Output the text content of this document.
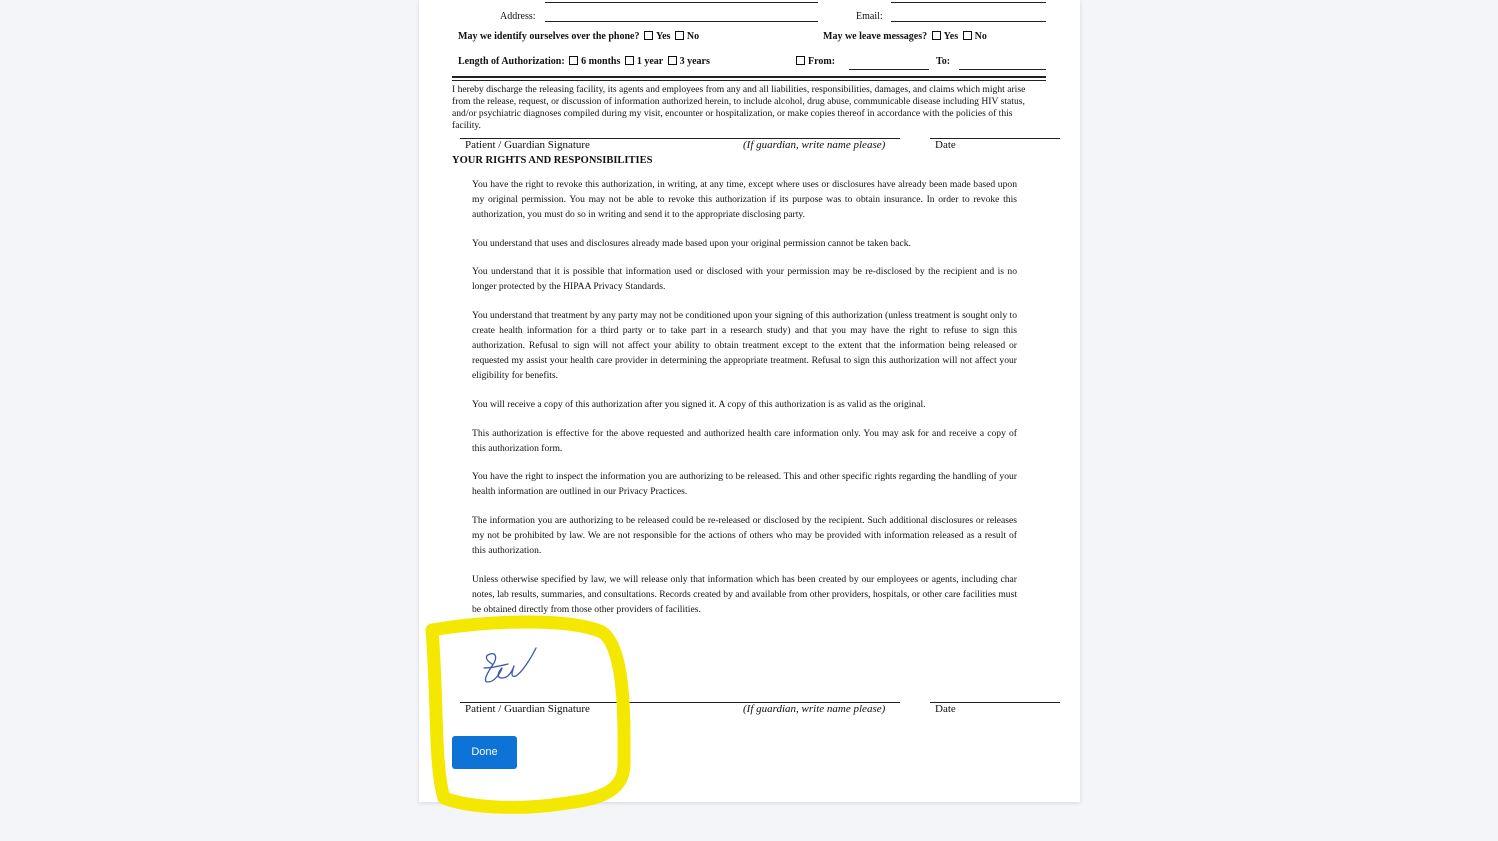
Address:	Email:
May we identify ourselves over the phone? Yes No	May we leave messages? Yes No
Length of Authorization: 6 months 1 year 3 years	From:	To:
I hereby discharge the releasing facility, its agents and employees from any and all liabilities, responsibilities, damages, and claims which might arise from the release, request, or discussion of information authorized herein, to include alcohol, drug abuse, communicable disease including HIV status, and/or psychiatric diagnoses compiled during my visit, encounter or hospitalization, or make copies thereof in accordance with the policies of this facility.
Patient / Guardian Signature	(If guardian, write name please)	Date
YOUR RIGHTS AND RESPONSIBILITIES
You have the right to revoke this authorization, in writing, at any time, except where uses or disclosures have already been made based upon my original permission. You may not be able to revoke this authorization if its purpose was to obtain insurance. In order to revoke this authorization, you must do so in writing and send it to the appropriate disclosing party.
You understand that uses and disclosures already made based upon your original permission cannot be taken back.
You understand that it is possible that information used or disclosed with your permission may be re-disclosed by the recipient and is no longer protected by the HIPAA Privacy Standards.
You understand that treatment by any party may not be conditioned upon your signing of this authorization (unless treatment is sought only to create health information for a third party or to take part in a research study) and that you may have the right to refuse to sign this authorization. Refusal to sign will not affect your ability to obtain treatment except to the extent that the information being released or requested my assist your health care provider in determining the appropriate treatment. Refusal to sign this authorization will not affect your eligibility for benefits.
You will receive a copy of this authorization after you signed it. A copy of this authorization is as valid as the original.
This authorization is effective for the above requested and authorized health care information only. You may ask for and receive a copy of this authorization form.
You have the right to inspect the information you are authorizing to be released. This and other specific rights regarding the handling of your health information are outlined in our Privacy Practices.
The information you are authorizing to be released could be re-released or disclosed by the recipient. Such additional disclosures or releases my not be prohibited by law. We are not responsible for the actions of others who may be provided with information released as a result of this authorization.
Unless otherwise specified by law, we will release only that information which has been created by our employees or agents, including char notes, lab results, summaries, and consultations. Records created by and available from other providers, hospitals, or other care facilities must be obtained directly from those other providers of facilities.
Patient / Guardian Signature	(If guardian, write name please)	Date
Done
